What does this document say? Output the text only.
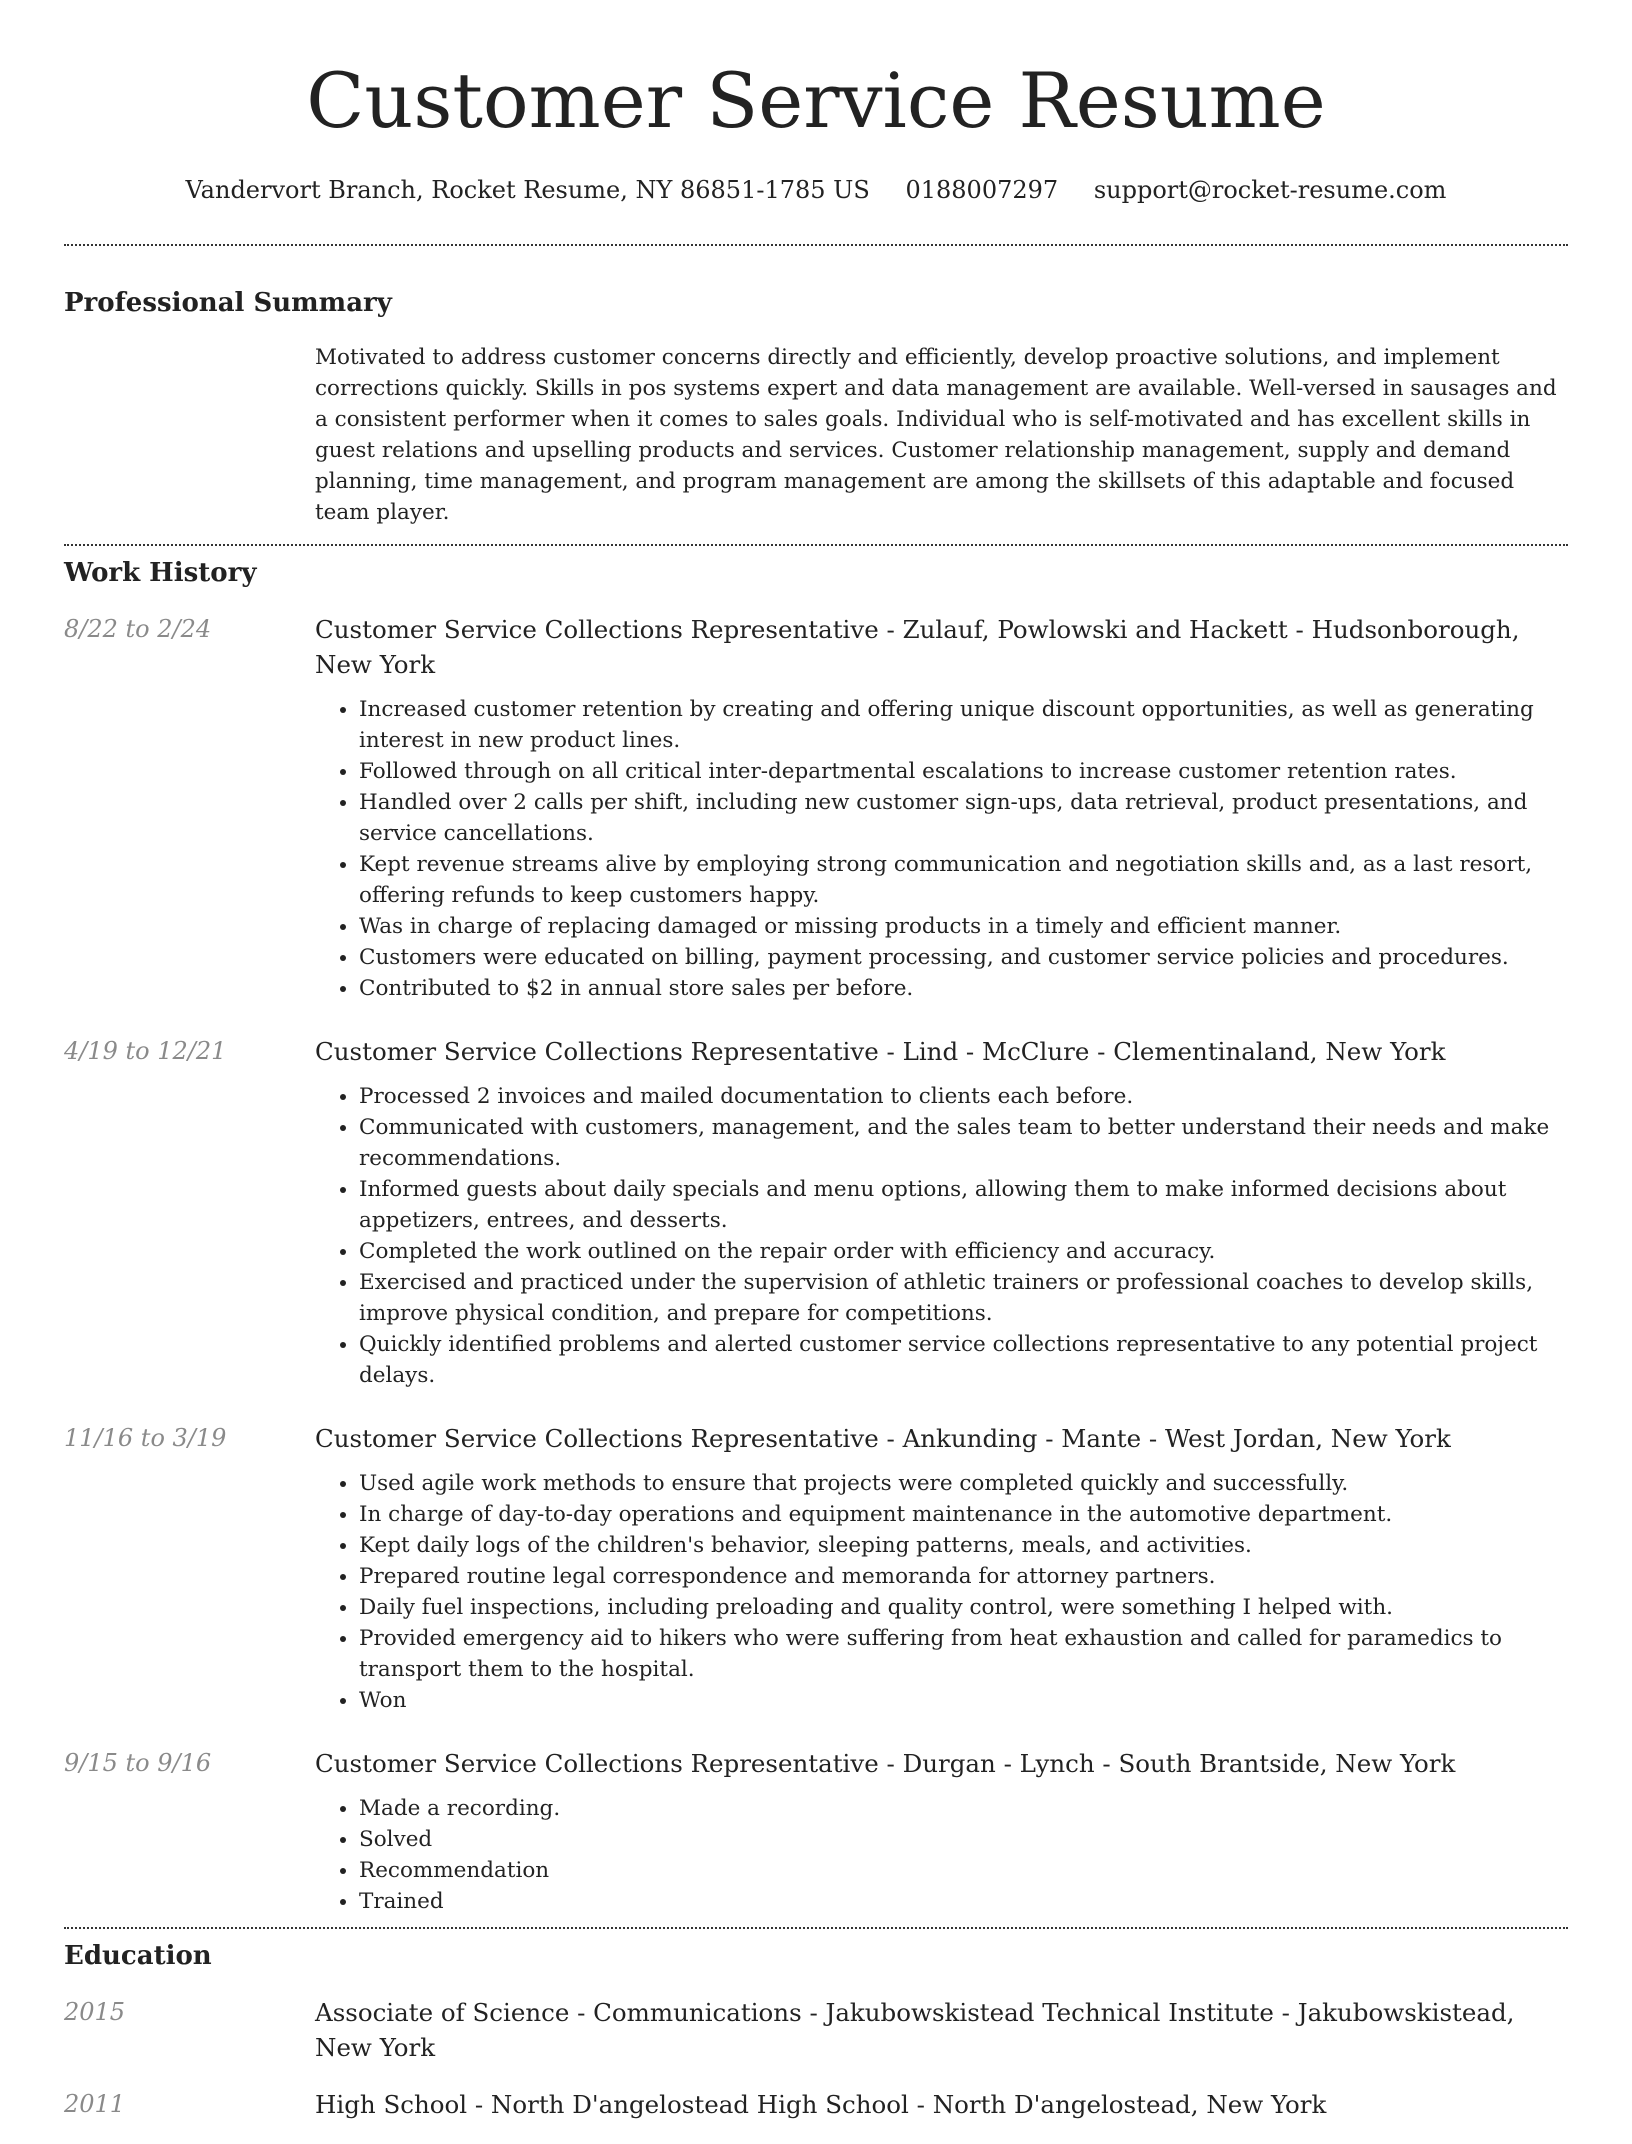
Customer Service Resume
Vandervort Branch, Rocket Resume, NY 86851-1785 US 0188007297 support@rocket-resume.com
Professional Summary

Motivated to address customer concerns directly and efficiently, develop proactive solutions, and implement corrections quickly. Skills in pos systems expert and data management are available. Well-versed in sausages and a consistent performer when it comes to sales goals. Individual who is self-motivated and has excellent skills in guest relations and upselling products and services. Customer relationship management, supply and demand planning, time management, and program management are among the skillsets of this adaptable and focused team player.

Work History
8/22 to 2/24	Customer Service Collections Representative - Zulauf, Powlowski and Hackett - Hudsonborough, New York
• Increased customer retention by creating and offering unique discount opportunities, as well as generating interest in new product lines.
• Followed through on all critical inter-departmental escalations to increase customer retention rates.
• Handled over 2 calls per shift, including new customer sign-ups, data retrieval, product presentations, and service cancellations.
• Kept revenue streams alive by employing strong communication and negotiation skills and, as a last resort, offering refunds to keep customers happy.
• Was in charge of replacing damaged or missing products in a timely and efficient manner.
• Customers were educated on billing, payment processing, and customer service policies and procedures.
• Contributed to $2 in annual store sales per before.
4/19 to 12/21	Customer Service Collections Representative - Lind - McClure - Clementinaland, New York
• Processed 2 invoices and mailed documentation to clients each before.
• Communicated with customers, management, and the sales team to better understand their needs and make recommendations.
• Informed guests about daily specials and menu options, allowing them to make informed decisions about appetizers, entrees, and desserts.
• Completed the work outlined on the repair order with efficiency and accuracy.
• Exercised and practiced under the supervision of athletic trainers or professional coaches to develop skills, improve physical condition, and prepare for competitions.
• Quickly identified problems and alerted customer service collections representative to any potential project delays.
11/16 to 3/19	Customer Service Collections Representative - Ankunding - Mante - West Jordan, New York
• Used agile work methods to ensure that projects were completed quickly and successfully.
• In charge of day-to-day operations and equipment maintenance in the automotive department.
• Kept daily logs of the children's behavior, sleeping patterns, meals, and activities.
• Prepared routine legal correspondence and memoranda for attorney partners.
• Daily fuel inspections, including preloading and quality control, were something I helped with.
• Provided emergency aid to hikers who were suffering from heat exhaustion and called for paramedics to transport them to the hospital.
• Won
9/15 to 9/16	Customer Service Collections Representative - Durgan - Lynch - South Brantside, New York
• Made a recording.
• Solved
• Recommendation
• Trained
Education
2015	Associate of Science - Communications - Jakubowskistead Technical Institute - Jakubowskistead, New York
2011	High School - North D'angelostead High School - North D'angelostead, New York
